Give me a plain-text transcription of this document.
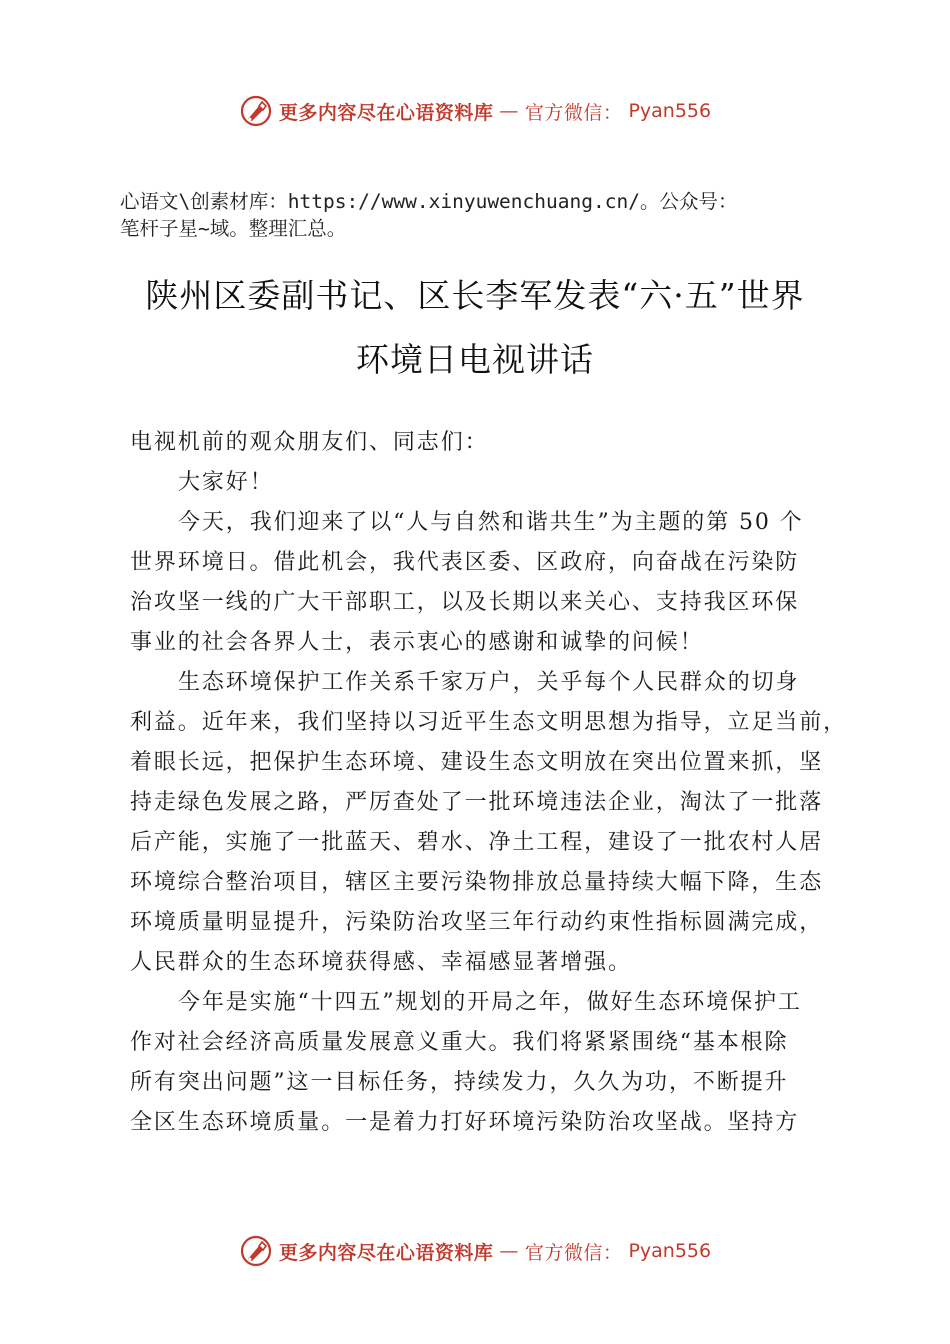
更多内容尽在心语资料库 — 官方微信： Pyan556
心语文\创素材库：https://www.xinyuwenchuang.cn/。公众号：
笔杆子星~域。整理汇总。
陕州区委副书记、区长李军发表“六·五”世界
环境日电视讲话
电视机前的观众朋友们、同志们：
大家好！
今天，我们迎来了以“人与自然和谐共生”为主题的第 50 个
世界环境日。借此机会，我代表区委、区政府，向奋战在污染防
治攻坚一线的广大干部职工，以及长期以来关心、支持我区环保
事业的社会各界人士，表示衷心的感谢和诚挚的问候！
生态环境保护工作关系千家万户，关乎每个人民群众的切身
利益。近年来，我们坚持以习近平生态文明思想为指导，立足当前，
着眼长远，把保护生态环境、建设生态文明放在突出位置来抓，坚
持走绿色发展之路，严厉查处了一批环境违法企业，淘汰了一批落
后产能，实施了一批蓝天、碧水、净土工程，建设了一批农村人居
环境综合整治项目，辖区主要污染物排放总量持续大幅下降，生态
环境质量明显提升，污染防治攻坚三年行动约束性指标圆满完成，
人民群众的生态环境获得感、幸福感显著增强。
今年是实施“十四五”规划的开局之年，做好生态环境保护工
作对社会经济高质量发展意义重大。我们将紧紧围绕“基本根除
所有突出问题”这一目标任务，持续发力，久久为功，不断提升
全区生态环境质量。一是着力打好环境污染防治攻坚战。坚持方
更多内容尽在心语资料库 — 官方微信： Pyan556
